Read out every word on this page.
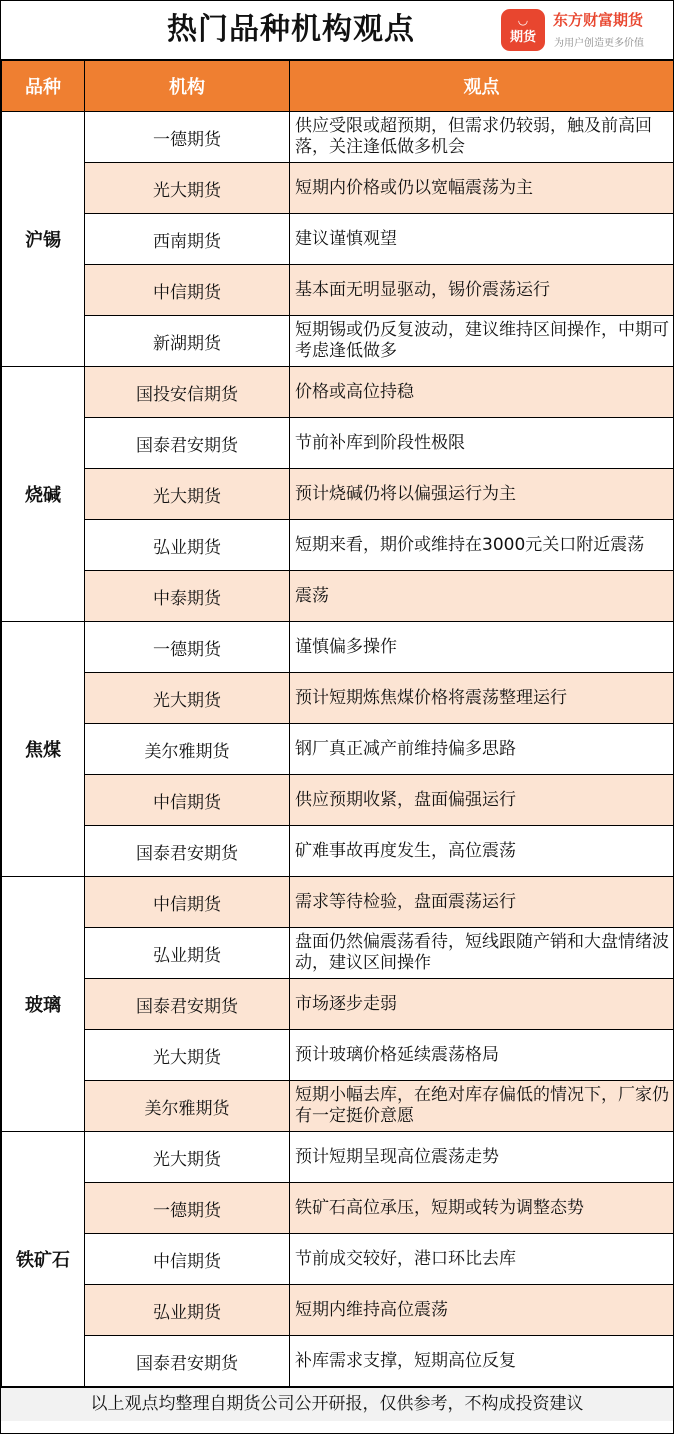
热门品种机构观点	◡
期货
东方财富期货
为用户创造更多价值
品种	机构	观点
沪锡	一德期货	供应受限或超预期，但需求仍较弱，触及前高回落，关注逢低做多机会
	光大期货	短期内价格或仍以宽幅震荡为主
	西南期货	建议谨慎观望
	中信期货	基本面无明显驱动，锡价震荡运行
	新湖期货	短期锡或仍反复波动，建议维持区间操作，中期可考虑逢低做多
烧碱	国投安信期货	价格或高位持稳
	国泰君安期货	节前补库到阶段性极限
	光大期货	预计烧碱仍将以偏强运行为主
	弘业期货	短期来看，期价或维持在3000元关口附近震荡
	中泰期货	震荡
焦煤	一德期货	谨慎偏多操作
	光大期货	预计短期炼焦煤价格将震荡整理运行
	美尔雅期货	钢厂真正减产前维持偏多思路
	中信期货	供应预期收紧，盘面偏强运行
	国泰君安期货	矿难事故再度发生，高位震荡
玻璃	中信期货	需求等待检验，盘面震荡运行
	弘业期货	盘面仍然偏震荡看待，短线跟随产销和大盘情绪波动，建议区间操作
	国泰君安期货	市场逐步走弱
	光大期货	预计玻璃价格延续震荡格局
	美尔雅期货	短期小幅去库，在绝对库存偏低的情况下，厂家仍有一定挺价意愿
铁矿石	光大期货	预计短期呈现高位震荡走势
	一德期货	铁矿石高位承压，短期或转为调整态势
	中信期货	节前成交较好，港口环比去库
	弘业期货	短期内维持高位震荡
	国泰君安期货	补库需求支撑，短期高位反复
以上观点均整理自期货公司公开研报，仅供参考，不构成投资建议
